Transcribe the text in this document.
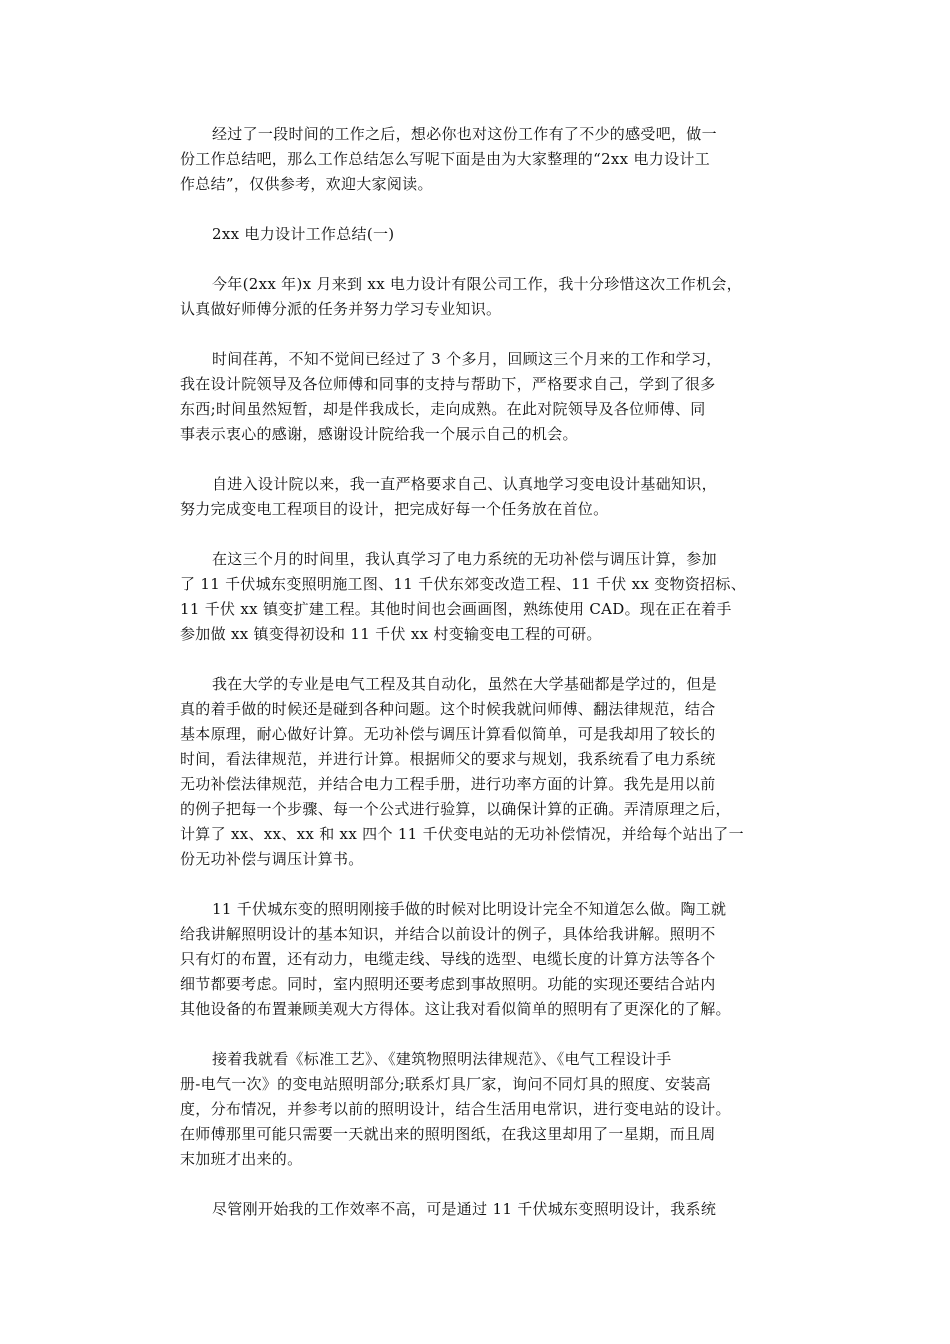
经过了一段时间的工作之后，想必你也对这份工作有了不少的感受吧，做一
份工作总结吧，那么工作总结怎么写呢下面是由为大家整理的“2xx 电力设计工
作总结”，仅供参考，欢迎大家阅读。

2xx 电力设计工作总结(一)

今年(2xx 年)x 月来到 xx 电力设计有限公司工作，我十分珍惜这次工作机会，
认真做好师傅分派的任务并努力学习专业知识。

时间荏苒，不知不觉间已经过了 3 个多月，回顾这三个月来的工作和学习，
我在设计院领导及各位师傅和同事的支持与帮助下，严格要求自己，学到了很多
东西;时间虽然短暂，却是伴我成长，走向成熟。在此对院领导及各位师傅、同
事表示衷心的感谢，感谢设计院给我一个展示自己的机会。

自进入设计院以来，我一直严格要求自己、认真地学习变电设计基础知识，
努力完成变电工程项目的设计，把完成好每一个任务放在首位。

在这三个月的时间里，我认真学习了电力系统的无功补偿与调压计算，参加
了 11 千伏城东变照明施工图、11 千伏东郊变改造工程、11 千伏 xx 变物资招标、
11 千伏 xx 镇变扩建工程。其他时间也会画画图，熟练使用 CAD。现在正在着手
参加做 xx 镇变得初设和 11 千伏 xx 村变输变电工程的可研。

我在大学的专业是电气工程及其自动化，虽然在大学基础都是学过的，但是
真的着手做的时候还是碰到各种问题。这个时候我就问师傅、翻法律规范，结合
基本原理，耐心做好计算。无功补偿与调压计算看似简单，可是我却用了较长的
时间，看法律规范，并进行计算。根据师父的要求与规划，我系统看了电力系统
无功补偿法律规范，并结合电力工程手册，进行功率方面的计算。我先是用以前
的例子把每一个步骤、每一个公式进行验算，以确保计算的正确。弄清原理之后，
计算了 xx、xx、xx 和 xx 四个 11 千伏变电站的无功补偿情况，并给每个站出了一
份无功补偿与调压计算书。

11 千伏城东变的照明刚接手做的时候对比明设计完全不知道怎么做。陶工就
给我讲解照明设计的基本知识，并结合以前设计的例子，具体给我讲解。照明不
只有灯的布置，还有动力，电缆走线、导线的选型、电缆长度的计算方法等各个
细节都要考虑。同时，室内照明还要考虑到事故照明。功能的实现还要结合站内
其他设备的布置兼顾美观大方得体。这让我对看似简单的照明有了更深化的了解。

接着我就看《标准工艺》、《建筑物照明法律规范》、《电气工程设计手
册-电气一次》的变电站照明部分;联系灯具厂家，询问不同灯具的照度、安装高
度，分布情况，并参考以前的照明设计，结合生活用电常识，进行变电站的设计。
在师傅那里可能只需要一天就出来的照明图纸，在我这里却用了一星期，而且周
末加班才出来的。

尽管刚开始我的工作效率不高，可是通过 11 千伏城东变照明设计，我系统
